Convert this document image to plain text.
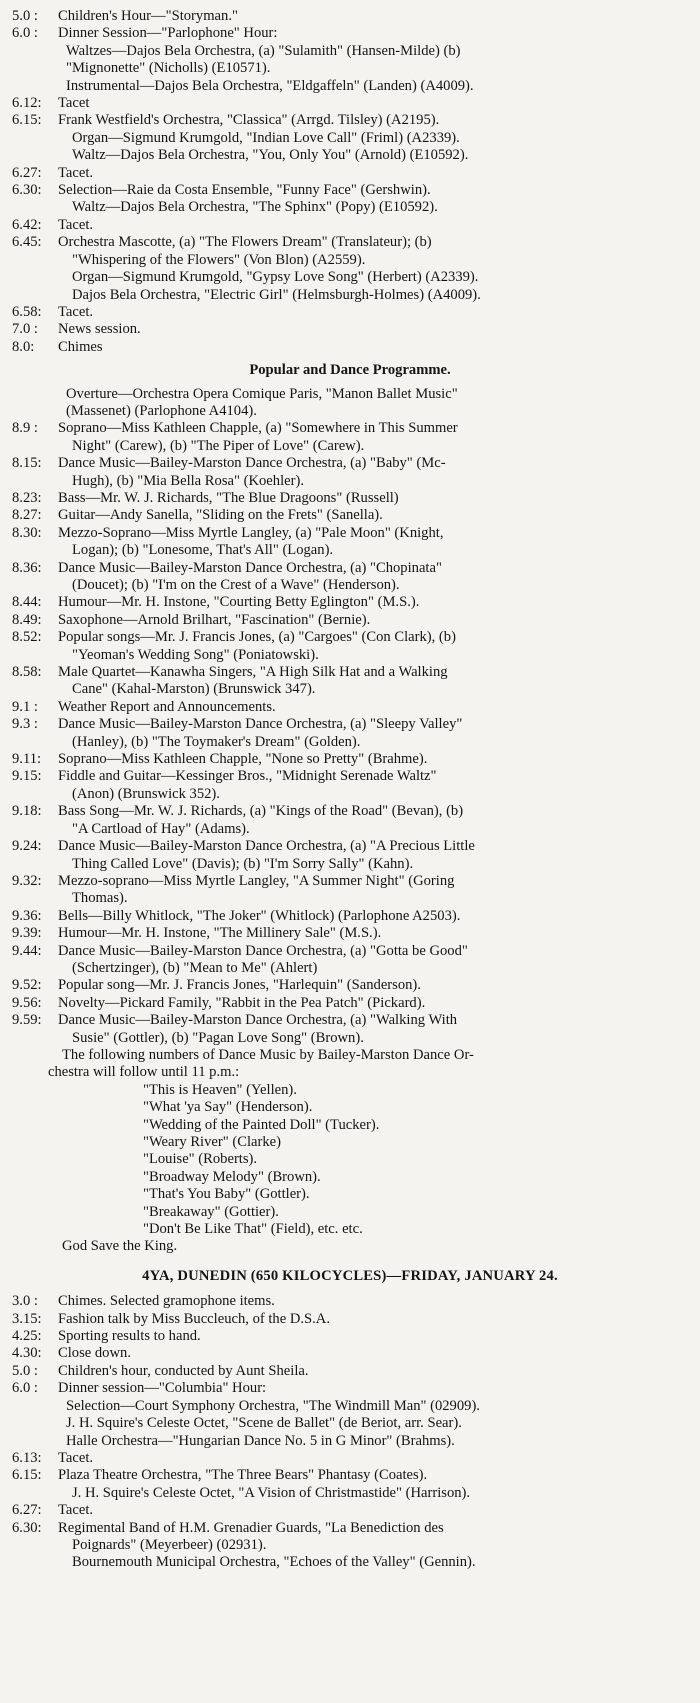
5.0 :	Children's Hour—"Storyman."
6.0 :	Dinner Session—"Parlophone" Hour:
Waltzes—Dajos Bela Orchestra, (a) "Sulamith" (Hansen-Milde) (b)
"Mignonette" (Nicholls) (E10571).
Instrumental—Dajos Bela Orchestra, "Eldgaffeln" (Landen) (A4009).
6.12:	Tacet
6.15:	Frank Westfield's Orchestra, "Classica" (Arrgd. Tilsley) (A2195).
Organ—Sigmund Krumgold, "Indian Love Call" (Friml) (A2339).
Waltz—Dajos Bela Orchestra, "You, Only You" (Arnold) (E10592).
6.27:	Tacet.
6.30:	Selection—Raie da Costa Ensemble, "Funny Face" (Gershwin).
Waltz—Dajos Bela Orchestra, "The Sphinx" (Popy) (E10592).
6.42:	Tacet.
6.45:	Orchestra Mascotte, (a) "The Flowers Dream" (Translateur); (b)
"Whispering of the Flowers" (Von Blon) (A2559).
Organ—Sigmund Krumgold, "Gypsy Love Song" (Herbert) (A2339).
Dajos Bela Orchestra, "Electric Girl" (Helmsburgh-Holmes) (A4009).
6.58:	Tacet.
7.0 :	News session.
8.0:	Chimes
Popular and Dance Programme.
Overture—Orchestra Opera Comique Paris, "Manon Ballet Music"
(Massenet) (Parlophone A4104).
8.9 :	Soprano—Miss Kathleen Chapple, (a) "Somewhere in This Summer
Night" (Carew), (b) "The Piper of Love" (Carew).
8.15:	Dance Music—Bailey-Marston Dance Orchestra, (a) "Baby" (Mc-
Hugh), (b) "Mia Bella Rosa" (Koehler).
8.23:	Bass—Mr. W. J. Richards, "The Blue Dragoons" (Russell)
8.27:	Guitar—Andy Sanella, "Sliding on the Frets" (Sanella).
8.30:	Mezzo-Soprano—Miss Myrtle Langley, (a) "Pale Moon" (Knight,
Logan); (b) "Lonesome, That's All" (Logan).
8.36:	Dance Music—Bailey-Marston Dance Orchestra, (a) "Chopinata"
(Doucet); (b) "I'm on the Crest of a Wave" (Henderson).
8.44:	Humour—Mr. H. Instone, "Courting Betty Eglington" (M.S.).
8.49:	Saxophone—Arnold Brilhart, "Fascination" (Bernie).
8.52:	Popular songs—Mr. J. Francis Jones, (a) "Cargoes" (Con Clark), (b)
"Yeoman's Wedding Song" (Poniatowski).
8.58:	Male Quartet—Kanawha Singers, "A High Silk Hat and a Walking
Cane" (Kahal-Marston) (Brunswick 347).
9.1 :	Weather Report and Announcements.
9.3 :	Dance Music—Bailey-Marston Dance Orchestra, (a) "Sleepy Valley"
(Hanley), (b) "The Toymaker's Dream" (Golden).
9.11:	Soprano—Miss Kathleen Chapple, "None so Pretty" (Brahme).
9.15:	Fiddle and Guitar—Kessinger Bros., "Midnight Serenade Waltz"
(Anon) (Brunswick 352).
9.18:	Bass Song—Mr. W. J. Richards, (a) "Kings of the Road" (Bevan), (b)
"A Cartload of Hay" (Adams).
9.24:	Dance Music—Bailey-Marston Dance Orchestra, (a) "A Precious Little
Thing Called Love" (Davis); (b) "I'm Sorry Sally" (Kahn).
9.32:	Mezzo-soprano—Miss Myrtle Langley, "A Summer Night" (Goring
Thomas).
9.36:	Bells—Billy Whitlock, "The Joker" (Whitlock) (Parlophone A2503).
9.39:	Humour—Mr. H. Instone, "The Millinery Sale" (M.S.).
9.44:	Dance Music—Bailey-Marston Dance Orchestra, (a) "Gotta be Good"
(Schertzinger), (b) "Mean to Me" (Ahlert)
9.52:	Popular song—Mr. J. Francis Jones, "Harlequin" (Sanderson).
9.56:	Novelty—Pickard Family, "Rabbit in the Pea Patch" (Pickard).
9.59:	Dance Music—Bailey-Marston Dance Orchestra, (a) "Walking With
Susie" (Gottler), (b) "Pagan Love Song" (Brown).
The following numbers of Dance Music by Bailey-Marston Dance Or-
chestra will follow until 11 p.m.:
"This is Heaven" (Yellen).
"What 'ya Say" (Henderson).
"Wedding of the Painted Doll" (Tucker).
"Weary River" (Clarke)
"Louise" (Roberts).
"Broadway Melody" (Brown).
"That's You Baby" (Gottler).
"Breakaway" (Gottier).
"Don't Be Like That" (Field), etc. etc.
God Save the King.
4YA, DUNEDIN (650 KILOCYCLES)—FRIDAY, JANUARY 24.
3.0 :	Chimes. Selected gramophone items.
3.15:	Fashion talk by Miss Buccleuch, of the D.S.A.
4.25:	Sporting results to hand.
4.30:	Close down.
5.0 :	Children's hour, conducted by Aunt Sheila.
6.0 :	Dinner session—"Columbia" Hour:
Selection—Court Symphony Orchestra, "The Windmill Man" (02909).
J. H. Squire's Celeste Octet, "Scene de Ballet" (de Beriot, arr. Sear).
Halle Orchestra—"Hungarian Dance No. 5 in G Minor" (Brahms).
6.13:	Tacet.
6.15:	Plaza Theatre Orchestra, "The Three Bears" Phantasy (Coates).
J. H. Squire's Celeste Octet, "A Vision of Christmastide" (Harrison).
6.27:	Tacet.
6.30:	Regimental Band of H.M. Grenadier Guards, "La Benediction des
Poignards" (Meyerbeer) (02931).
Bournemouth Municipal Orchestra, "Echoes of the Valley" (Gennin).
